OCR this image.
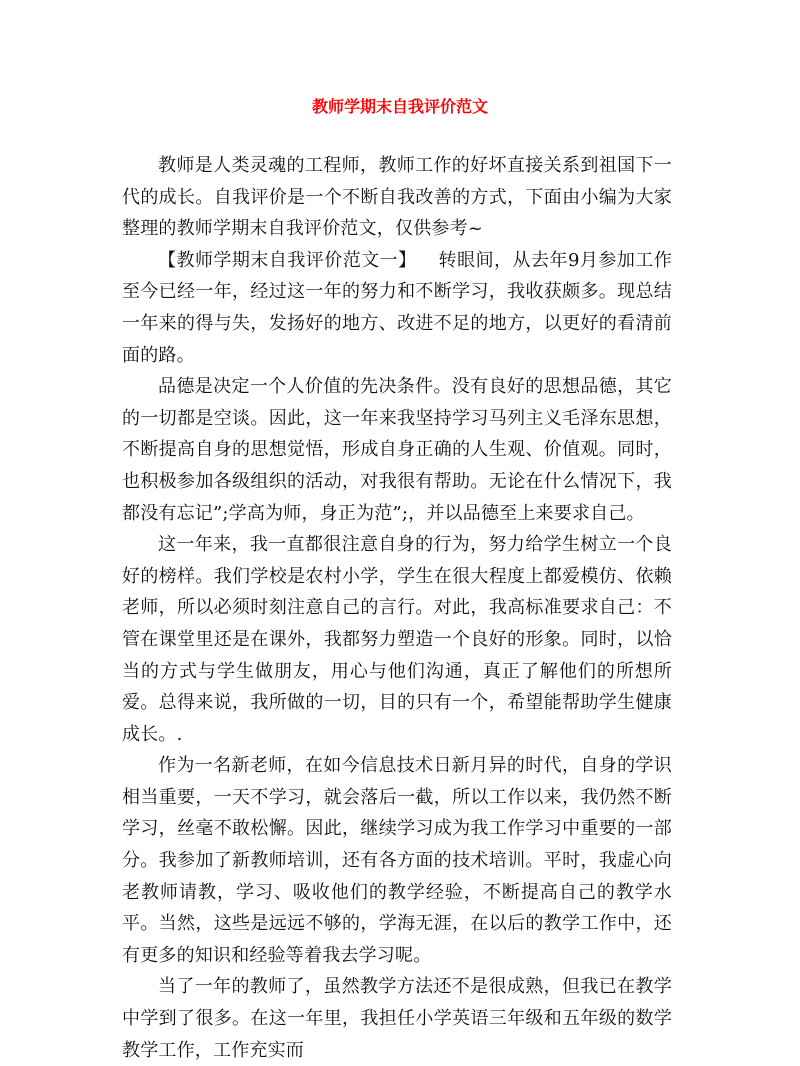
教师学期末自我评价范文

教师是人类灵魂的工程师，教师工作的好坏直接关系到祖国下一代的成长。自我评价是一个不断自我改善的方式，下面由小编为大家整理的教师学期末自我评价范文，仅供参考~

【教师学期末自我评价范文一】 转眼间，从去年9月参加工作至今已经一年，经过这一年的努力和不断学习，我收获颇多。现总结一年来的得与失，发扬好的地方、改进不足的地方，以更好的看清前面的路。

品德是决定一个人价值的先决条件。没有良好的思想品德，其它的一切都是空谈。因此，这一年来我坚持学习马列主义毛泽东思想，不断提高自身的思想觉悟，形成自身正确的人生观、价值观。同时，也积极参加各级组织的活动，对我很有帮助。无论在什么情况下，我都没有忘记”;学高为师，身正为范”;，并以品德至上来要求自己。

这一年来，我一直都很注意自身的行为，努力给学生树立一个良好的榜样。我们学校是农村小学，学生在很大程度上都爱模仿、依赖老师，所以必须时刻注意自己的言行。对此，我高标准要求自己：不管在课堂里还是在课外，我都努力塑造一个良好的形象。同时，以恰当的方式与学生做朋友，用心与他们沟通，真正了解他们的所想所爱。总得来说，我所做的一切，目的只有一个，希望能帮助学生健康成长。.

作为一名新老师，在如今信息技术日新月异的时代，自身的学识相当重要，一天不学习，就会落后一截，所以工作以来，我仍然不断学习，丝毫不敢松懈。因此，继续学习成为我工作学习中重要的一部分。我参加了新教师培训，还有各方面的技术培训。平时，我虚心向老教师请教，学习、吸收他们的教学经验，不断提高自己的教学水平。当然，这些是远远不够的，学海无涯，在以后的教学工作中，还有更多的知识和经验等着我去学习呢。

当了一年的教师了，虽然教学方法还不是很成熟，但我已在教学中学到了很多。在这一年里，我担任小学英语三年级和五年级的数学教学工作，工作充实而
